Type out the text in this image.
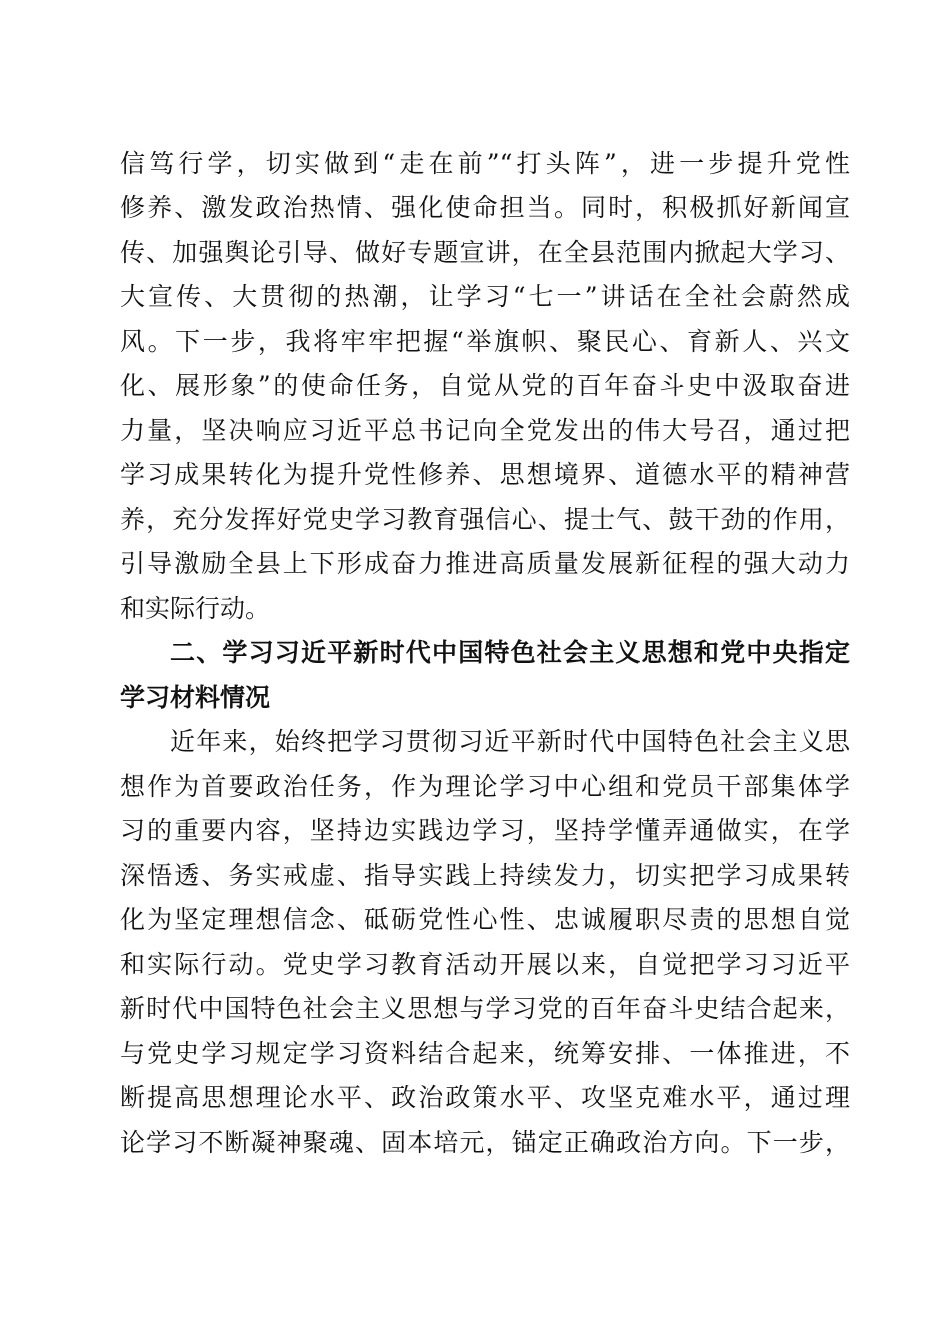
信笃行学，切实做到“走在前”“打头阵”，进一步提升党性
修养、激发政治热情、强化使命担当。同时，积极抓好新闻宣
传、加强舆论引导、做好专题宣讲，在全县范围内掀起大学习、
大宣传、大贯彻的热潮，让学习“七一”讲话在全社会蔚然成
风。下一步，我将牢牢把握“举旗帜、聚民心、育新人、兴文
化、展形象”的使命任务，自觉从党的百年奋斗史中汲取奋进
力量，坚决响应习近平总书记向全党发出的伟大号召，通过把
学习成果转化为提升党性修养、思想境界、道德水平的精神营
养，充分发挥好党史学习教育强信心、提士气、鼓干劲的作用，
引导激励全县上下形成奋力推进高质量发展新征程的强大动力
和实际行动。
二、学习习近平新时代中国特色社会主义思想和党中央指定
学习材料情况
近年来，始终把学习贯彻习近平新时代中国特色社会主义思
想作为首要政治任务，作为理论学习中心组和党员干部集体学
习的重要内容，坚持边实践边学习，坚持学懂弄通做实，在学
深悟透、务实戒虚、指导实践上持续发力，切实把学习成果转
化为坚定理想信念、砥砺党性心性、忠诚履职尽责的思想自觉
和实际行动。党史学习教育活动开展以来，自觉把学习习近平
新时代中国特色社会主义思想与学习党的百年奋斗史结合起来，
与党史学习规定学习资料结合起来，统筹安排、一体推进，不
断提高思想理论水平、政治政策水平、攻坚克难水平，通过理
论学习不断凝神聚魂、固本培元，锚定正确政治方向。下一步，
